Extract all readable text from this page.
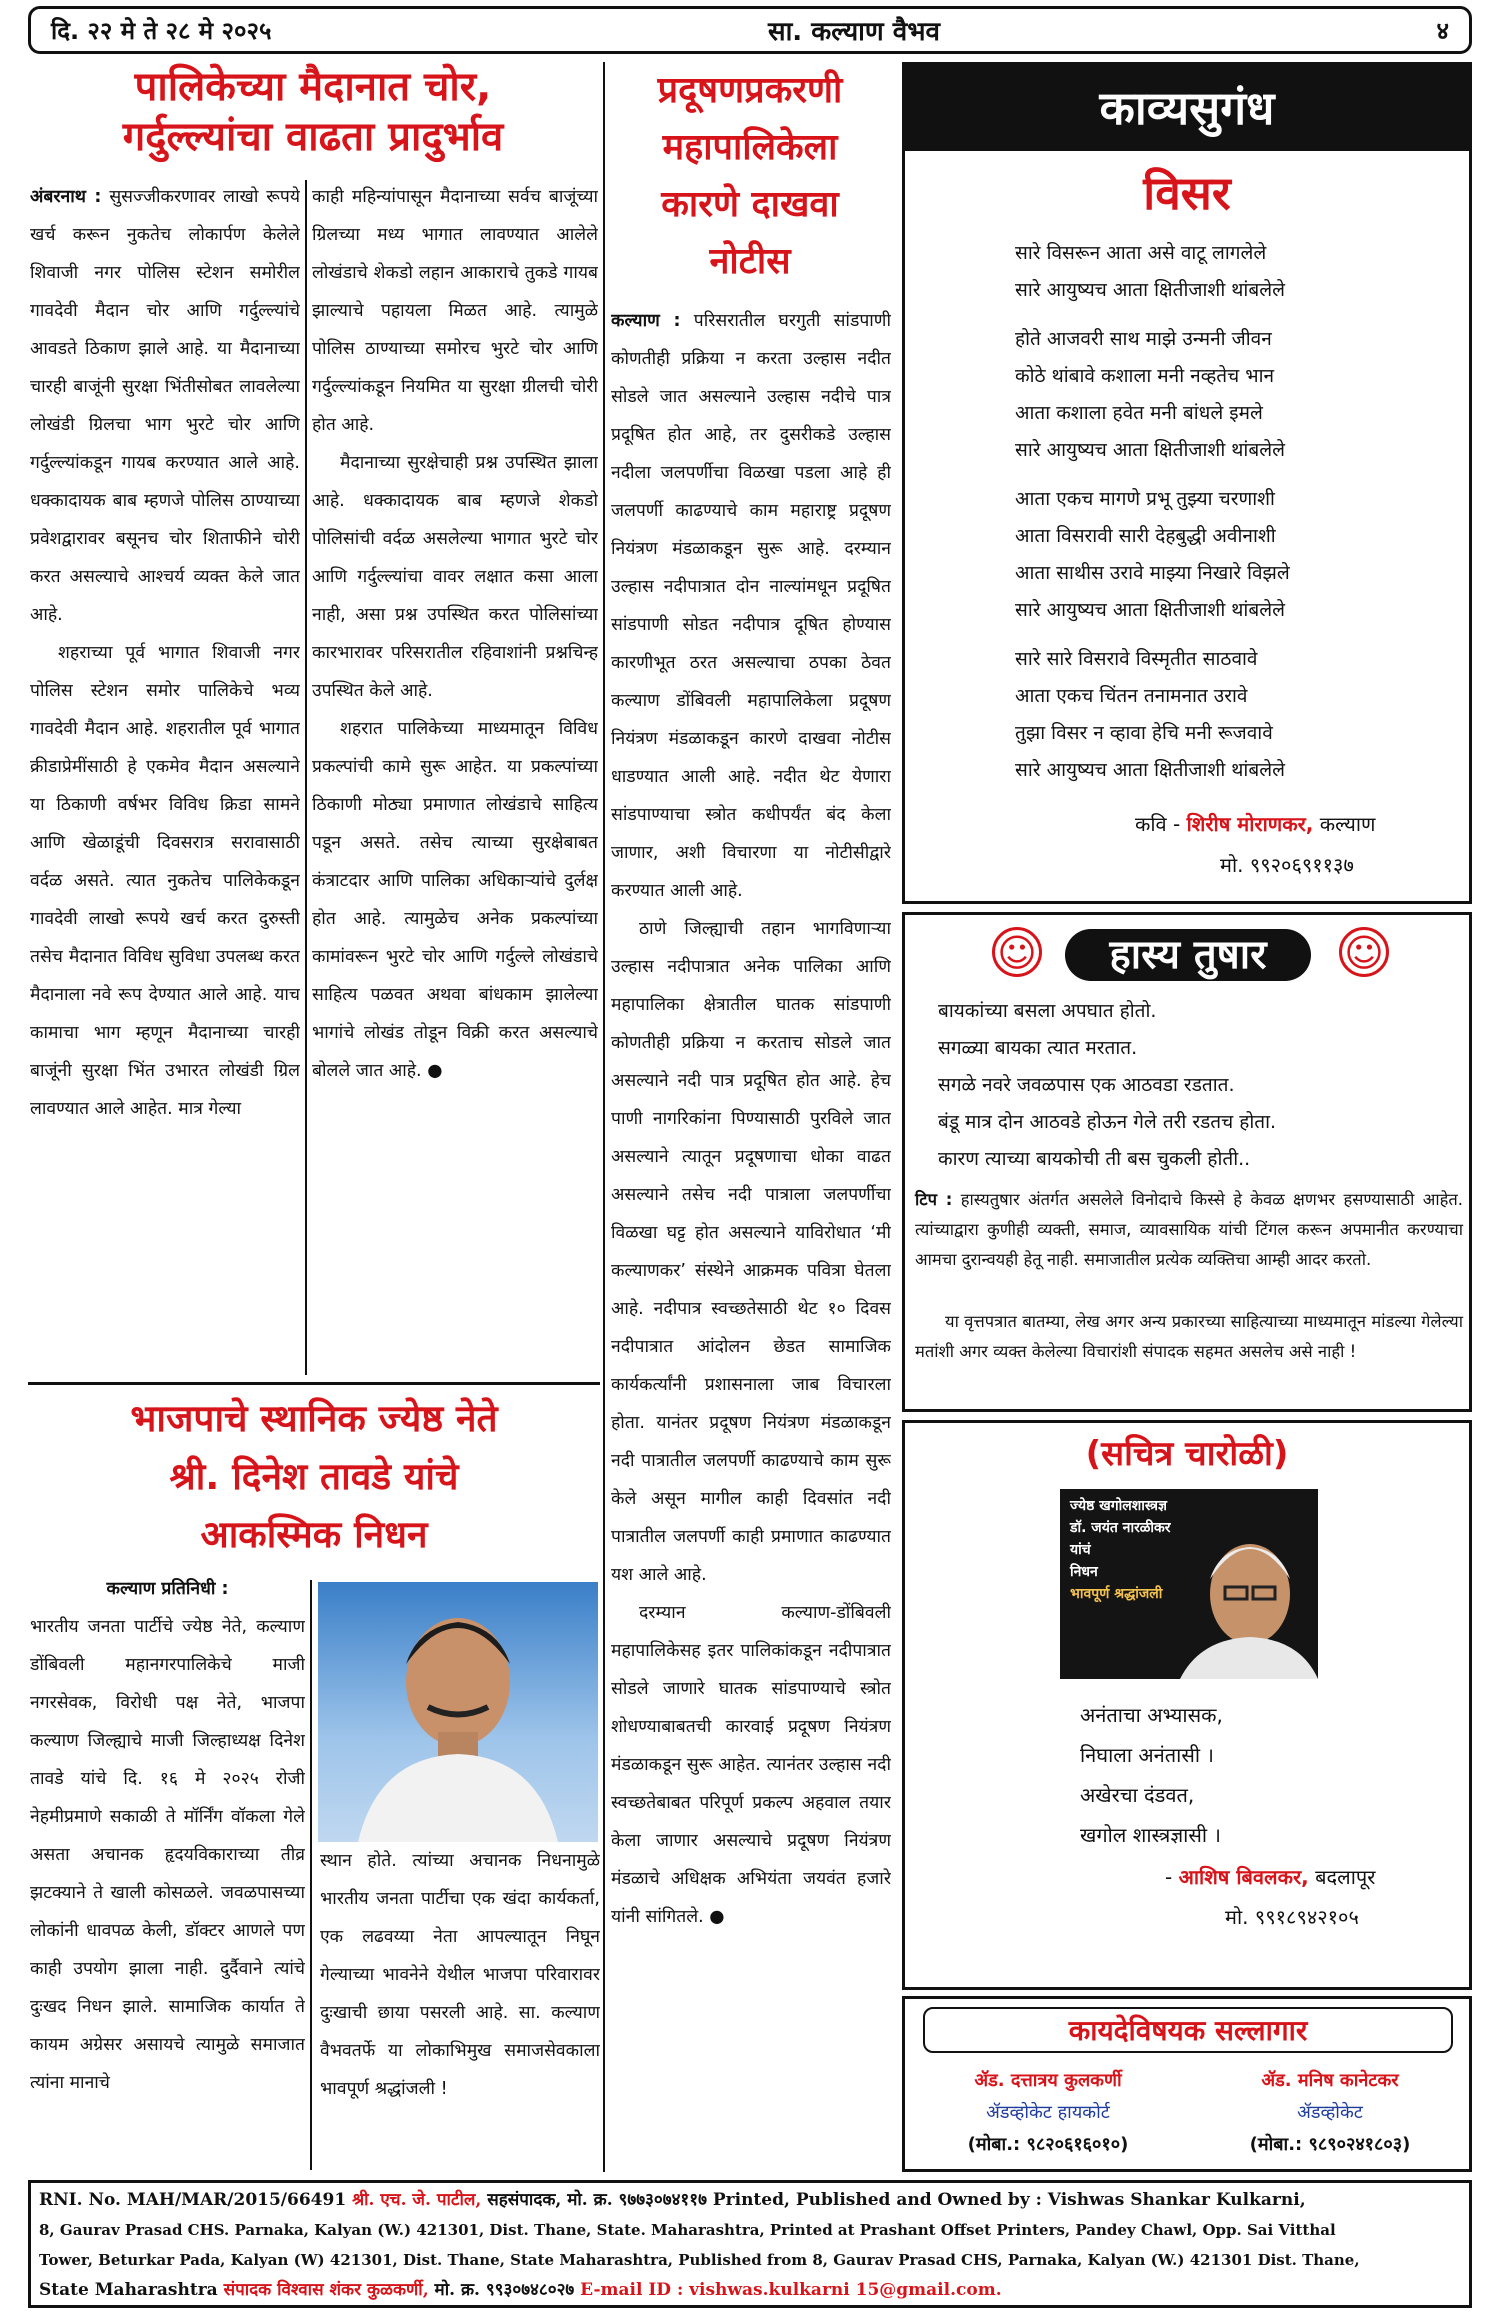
दि. २२ मे ते २८ मे २०२५	सा. कल्याण वैभव	४
पालिकेच्या मैदानात चोर,
गर्दुल्ल्यांचा वाढता प्रादुर्भाव

अंबरनाथ : सुसज्जीकरणावर लाखो रूपये खर्च करून नुकतेच लोकार्पण केलेले शिवाजी नगर पोलिस स्टेशन समोरील गावदेवी मैदान चोर आणि गर्दुल्ल्यांचे आवडते ठिकाण झाले आहे. या मैदानाच्या चारही बाजूंनी सुरक्षा भिंतीसोबत लावलेल्या लोखंडी ग्रिलचा भाग भुरटे चोर आणि गर्दुल्ल्यांकडून गायब करण्यात आले आहे. धक्कादायक बाब म्हणजे पोलिस ठाण्याच्या प्रवेशद्वारावर बसूनच चोर शिताफीने चोरी करत असल्याचे आश्चर्य व्यक्त केले जात आहे.

शहराच्या पूर्व भागात शिवाजी नगर पोलिस स्टेशन समोर पालिकेचे भव्य गावदेवी मैदान आहे. शहरातील पूर्व भागात क्रीडाप्रेमींसाठी हे एकमेव मैदान असल्याने या ठिकाणी वर्षभर विविध क्रिडा सामने आणि खेळाडूंची दिवसरात्र सरावासाठी वर्दळ असते. त्यात नुकतेच पालिकेकडून गावदेवी लाखो रूपये खर्च करत दुरुस्ती तसेच मैदानात विविध सुविधा उपलब्ध करत मैदानाला नवे रूप देण्यात आले आहे. याच कामाचा भाग म्हणून मैदानाच्या चारही बाजूंनी सुरक्षा भिंत उभारत लोखंडी ग्रिल लावण्यात आले आहेत. मात्र गेल्या

काही महिन्यांपासून मैदानाच्या सर्वच बाजूंच्या ग्रिलच्या मध्य भागात लावण्यात आलेले लोखंडाचे शेकडो लहान आकाराचे तुकडे गायब झाल्याचे पहायला मिळत आहे. त्यामुळे पोलिस ठाण्याच्या समोरच भुरटे चोर आणि गर्दुल्ल्यांकडून नियमित या सुरक्षा ग्रीलची चोरी होत आहे.

मैदानाच्या सुरक्षेचाही प्रश्न उपस्थित झाला आहे. धक्कादायक बाब म्हणजे शेकडो पोलिसांची वर्दळ असलेल्या भागात भुरटे चोर आणि गर्दुल्ल्यांचा वावर लक्षात कसा आला नाही, असा प्रश्न उपस्थित करत पोलिसांच्या कारभारावर परिसरातील रहिवाशांनी प्रश्नचिन्ह उपस्थित केले आहे.

शहरात पालिकेच्या माध्यमातून विविध प्रकल्पांची कामे सुरू आहेत. या प्रकल्पांच्या ठिकाणी मोठ्या प्रमाणात लोखंडाचे साहित्य पडून असते. तसेच त्याच्या सुरक्षेबाबत कंत्राटदार आणि पालिका अधिकाऱ्यांचे दुर्लक्ष होत आहे. त्यामुळेच अनेक प्रकल्पांच्या कामांवरून भुरटे चोर आणि गर्दुल्ले लोखंडाचे साहित्य पळवत अथवा बांधकाम झालेल्या भागांचे लोखंड तोडून विक्री करत असल्याचे बोलले जात आहे. ●

प्रदूषणप्रकरणी
महापालिकेला
कारणे दाखवा
नोटीस

कल्याण : परिसरातील घरगुती सांडपाणी कोणतीही प्रक्रिया न करता उल्हास नदीत सोडले जात असल्याने उल्हास नदीचे पात्र प्रदूषित होत आहे, तर दुसरीकडे उल्हास नदीला जलपर्णीचा विळखा पडला आहे ही जलपर्णी काढण्याचे काम महाराष्ट्र प्रदूषण नियंत्रण मंडळाकडून सुरू आहे. दरम्यान उल्हास नदीपात्रात दोन नाल्यांमधून प्रदूषित सांडपाणी सोडत नदीपात्र दूषित होण्यास कारणीभूत ठरत असल्याचा ठपका ठेवत कल्याण डोंबिवली महापालिकेला प्रदूषण नियंत्रण मंडळाकडून कारणे दाखवा नोटीस धाडण्यात आली आहे. नदीत थेट येणारा सांडपाण्याचा स्त्रोत कधीपर्यंत बंद केला जाणार, अशी विचारणा या नोटीसीद्वारे करण्यात आली आहे.

ठाणे जिल्ह्याची तहान भागविणाऱ्या उल्हास नदीपात्रात अनेक पालिका आणि महापालिका क्षेत्रातील घातक सांडपाणी कोणतीही प्रक्रिया न करताच सोडले जात असल्याने नदी पात्र प्रदूषित होत आहे. हेच पाणी नागरिकांना पिण्यासाठी पुरविले जात असल्याने त्यातून प्रदूषणाचा धोका वाढत असल्याने तसेच नदी पात्राला जलपर्णीचा विळखा घट्ट होत असल्याने याविरोधात ‘मी कल्याणकर’ संस्थेने आक्रमक पवित्रा घेतला आहे. नदीपात्र स्वच्छतेसाठी थेट १० दिवस नदीपात्रात आंदोलन छेडत सामाजिक कार्यकर्त्यांनी प्रशासनाला जाब विचारला होता. यानंतर प्रदूषण नियंत्रण मंडळाकडून नदी पात्रातील जलपर्णी काढण्याचे काम सुरू केले असून मागील काही दिवसांत नदी पात्रातील जलपर्णी काही प्रमाणात काढण्यात यश आले आहे.

दरम्यान कल्याण-डोंबिवली महापालिकेसह इतर पालिकांकडून नदीपात्रात सोडले जाणारे घातक सांडपाण्याचे स्त्रोत शोधण्याबाबतची कारवाई प्रदूषण नियंत्रण मंडळाकडून सुरू आहेत. त्यानंतर उल्हास नदी स्वच्छतेबाबत परिपूर्ण प्रकल्प अहवाल तयार केला जाणार असल्याचे प्रदूषण नियंत्रण मंडळाचे अधिक्षक अभियंता जयवंत हजारे यांनी सांगितले. ●

भाजपाचे स्थानिक ज्येष्ठ नेते
श्री. दिनेश तावडे यांचे
आकस्मिक निधन

कल्याण प्रतिनिधी :

भारतीय जनता पार्टीचे ज्येष्ठ नेते, कल्याण डोंबिवली महानगरपालिकेचे माजी नगरसेवक, विरोधी पक्ष नेते, भाजपा कल्याण जिल्ह्याचे माजी जिल्हाध्यक्ष दिनेश तावडे यांचे दि. १६ मे २०२५ रोजी नेहमीप्रमाणे सकाळी ते मॉर्निंग वॉकला गेले असता अचानक हृदयविकाराच्या तीव्र झटक्याने ते खाली कोसळले. जवळपासच्या लोकांनी धावपळ केली, डॉक्टर आणले पण काही उपयोग झाला नाही. दुर्दैवाने त्यांचे दुःखद निधन झाले. सामाजिक कार्यात ते कायम अग्रेसर असायचे त्यामुळे समाजात त्यांना मानाचे

स्थान होते. त्यांच्या अचानक निधनामुळे भारतीय जनता पार्टीचा एक खंदा कार्यकर्ता, एक लढवय्या नेता आपल्यातून निघून गेल्याच्या भावनेने येथील भाजपा परिवारावर दुःखाची छाया पसरली आहे. सा. कल्याण वैभवतर्फे या लोकाभिमुख समाजसेवकाला भावपूर्ण श्रद्धांजली !

काव्यसुगंध
विसर
सारे विसरून आता असे वाटू लागलेले
सारे आयुष्यच आता क्षितीजाशी थांबलेले
होते आजवरी साथ माझे उन्मनी जीवन
कोठे थांबावे कशाला मनी नव्हतेच भान
आता कशाला हवेत मनी बांधले इमले
सारे आयुष्यच आता क्षितीजाशी थांबलेले
आता एकच मागणे प्रभू तुझ्या चरणाशी
आता विसरावी सारी देहबुद्धी अवीनाशी
आता साथीस उरावे माझ्या निखारे विझले
सारे आयुष्यच आता क्षितीजाशी थांबलेले
सारे सारे विसरावे विस्मृतीत साठवावे
आता एकच चिंतन तनामनात उरावे
तुझा विसर न व्हावा हेचि मनी रूजवावे
सारे आयुष्यच आता क्षितीजाशी थांबलेले
कवि - शिरीष मोराणकर, कल्याण
मो. ९९२०६९११३७
☺	हास्य तुषार	☺
बायकांच्या बसला अपघात होतो.
सगळ्या बायका त्यात मरतात.
सगळे नवरे जवळपास एक आठवडा रडतात.
बंडू मात्र दोन आठवडे होऊन गेले तरी रडतच होता.
कारण त्याच्या बायकोची ती बस चुकली होती..
टिप : हास्यतुषार अंतर्गत असलेले विनोदाचे किस्से हे केवळ क्षणभर हसण्यासाठी आहेत. त्यांच्याद्वारा कुणीही व्यक्ती, समाज, व्यावसायिक यांची टिंगल करून अपमानीत करण्याचा आमचा दुरान्वयही हेतू नाही. समाजातील प्रत्येक व्यक्तिचा आम्ही आदर करतो.
या वृत्तपत्रात बातम्या, लेख अगर अन्य प्रकारच्या साहित्याच्या माध्यमातून मांडल्या गेलेल्या मतांशी अगर व्यक्त केलेल्या विचारांशी संपादक सहमत असलेच असे नाही !
(सचित्र चारोळी)
ज्येष्ठ खगोलशास्त्रज्ञ
डॉ. जयंत नारळीकर
यांचं
निधन
भावपूर्ण श्रद्धांजली
अनंताचा अभ्यासक,
निघाला अनंतासी ।
अखेरचा दंडवत,
खगोल शास्त्रज्ञासी ।
- आशिष बिवलकर, बदलापूर
मो. ९९१८९४२१०५
कायदेविषयक सल्लागार
ॲड. दत्तात्रय कुलकर्णी
ॲडव्होकेट हायकोर्ट
(मोबा.: ९८२०६१६०१०)
ॲड. मनिष कानेटकर
ॲडव्होकेट
(मोबा.: ९८९०२४१८०३)
RNI. No. MAH/MAR/2015/66491 श्री. एच. जे. पाटील, सहसंपादक, मो. क्र. ९७७३०७४११७ Printed, Published and Owned by : Vishwas Shankar Kulkarni,
8, Gaurav Prasad CHS. Parnaka, Kalyan (W.) 421301, Dist. Thane, State. Maharashtra, Printed at Prashant Offset Printers, Pandey Chawl, Opp. Sai Vitthal
Tower, Beturkar Pada, Kalyan (W) 421301, Dist. Thane, State Maharashtra, Published from 8, Gaurav Prasad CHS, Parnaka, Kalyan (W.) 421301 Dist. Thane,
State Maharashtra संपादक विश्वास शंकर कुळकर्णी, मो. क्र. ९९३०७४८०२७ E-mail ID : vishwas.kulkarni 15@gmail.com.
